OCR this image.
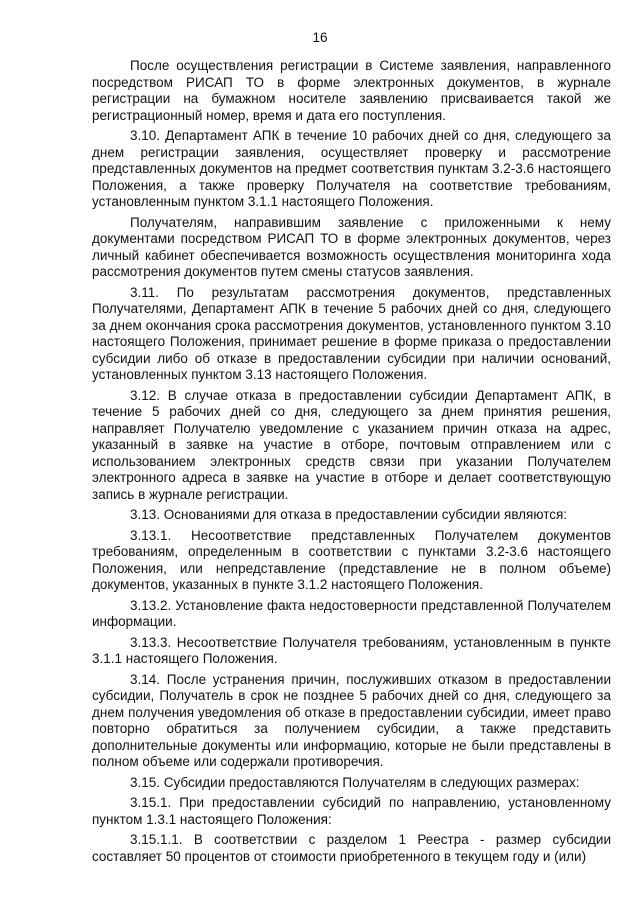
16

После осуществления регистрации в Системе заявления, направленного посредством РИСАП ТО в форме электронных документов, в журнале регистрации на бумажном носителе заявлению присваивается такой же регистрационный номер, время и дата его поступления.

3.10. Департамент АПК в течение 10 рабочих дней со дня, следующего за днем регистрации заявления, осуществляет проверку и рассмотрение представленных документов на предмет соответствия пунктам 3.2-3.6 настоящего Положения, а также проверку Получателя на соответствие требованиям, установленным пунктом 3.1.1 настоящего Положения.

Получателям, направившим заявление с приложенными к нему документами посредством РИСАП ТО в форме электронных документов, через личный кабинет обеспечивается возможность осуществления мониторинга хода рассмотрения документов путем смены статусов заявления.

3.11. По результатам рассмотрения документов, представленных Получателями, Департамент АПК в течение 5 рабочих дней со дня, следующего за днем окончания срока рассмотрения документов, установленного пунктом 3.10 настоящего Положения, принимает решение в форме приказа о предоставлении субсидии либо об отказе в предоставлении субсидии при наличии оснований, установленных пунктом 3.13 настоящего Положения.

3.12. В случае отказа в предоставлении субсидии Департамент АПК, в течение 5 рабочих дней со дня, следующего за днем принятия решения, направляет Получателю уведомление с указанием причин отказа на адрес, указанный в заявке на участие в отборе, почтовым отправлением или с использованием электронных средств связи при указании Получателем электронного адреса в заявке на участие в отборе и делает соответствующую запись в журнале регистрации.

3.13. Основаниями для отказа в предоставлении субсидии являются:

3.13.1. Несоответствие представленных Получателем документов требованиям, определенным в соответствии с пунктами 3.2-3.6 настоящего Положения, или непредставление (представление не в полном объеме) документов, указанных в пункте 3.1.2 настоящего Положения.

3.13.2. Установление факта недостоверности представленной Получателем информации.

3.13.3. Несоответствие Получателя требованиям, установленным в пункте 3.1.1 настоящего Положения.

3.14. После устранения причин, послуживших отказом в предоставлении субсидии, Получатель в срок не позднее 5 рабочих дней со дня, следующего за днем получения уведомления об отказе в предоставлении субсидии, имеет право повторно обратиться за получением субсидии, а также представить дополнительные документы или информацию, которые не были представлены в полном объеме или содержали противоречия.

3.15. Субсидии предоставляются Получателям в следующих размерах:

3.15.1. При предоставлении субсидий по направлению, установленному пунктом 1.3.1 настоящего Положения:

3.15.1.1. В соответствии с разделом 1 Реестра - размер субсидии составляет 50 процентов от стоимости приобретенного в текущем году и (или)
